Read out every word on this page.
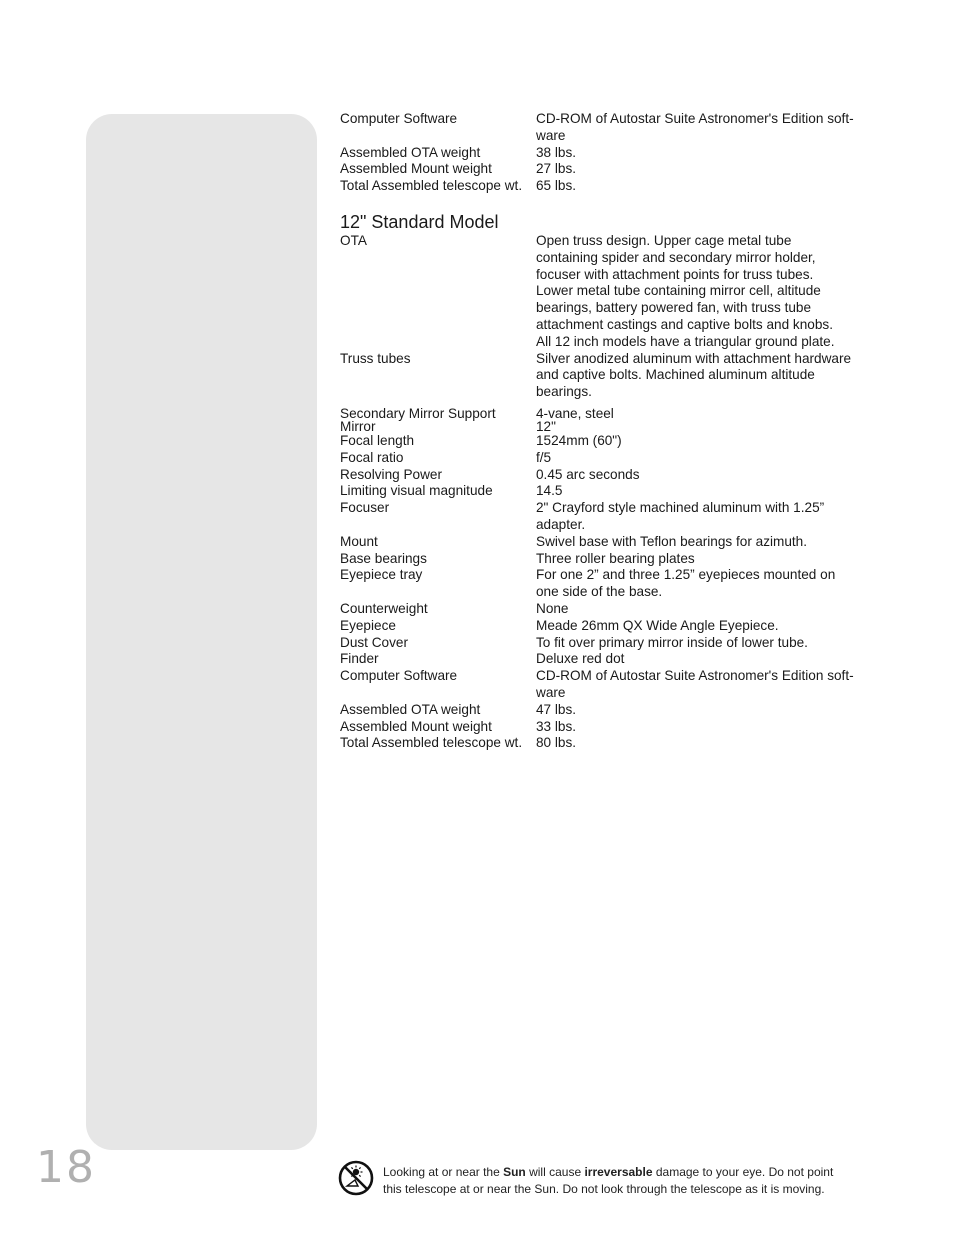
18
Computer Software	CD-ROM of Autostar Suite Astronomer's Edition soft-
ware
Assembled OTA weight	38 lbs.
Assembled Mount weight	27 lbs.
Total Assembled telescope wt.	65 lbs.
12" Standard Model
OTA	Open truss design. Upper cage metal tube
containing spider and secondary mirror holder,
focuser with attachment points for truss tubes.
Lower metal tube containing mirror cell, altitude
bearings, battery powered fan, with truss tube
attachment castings and captive bolts and knobs.
All 12 inch models have a triangular ground plate.
Truss tubes	Silver anodized aluminum with attachment hardware
and captive bolts. Machined aluminum altitude
bearings.
Secondary Mirror Support	4-vane, steel
Mirror	12"
Focal length	1524mm (60")
Focal ratio	f/5
Resolving Power	0.45 arc seconds
Limiting visual magnitude	14.5
Focuser	2" Crayford style machined aluminum with 1.25”
adapter.
Mount	Swivel base with Teflon bearings for azimuth.
Base bearings	Three roller bearing plates
Eyepiece tray	For one 2” and three 1.25” eyepieces mounted on
one side of the base.
Counterweight	None
Eyepiece	Meade 26mm QX Wide Angle Eyepiece.
Dust Cover	To fit over primary mirror inside of lower tube.
Finder	Deluxe red dot
Computer Software	CD-ROM of Autostar Suite Astronomer's Edition soft-
ware
Assembled OTA weight	47 lbs.
Assembled Mount weight	33 lbs.
Total Assembled telescope wt.	80 lbs.
Looking at or near the Sun will cause irreversable damage to your eye. Do not point
this telescope at or near the Sun. Do not look through the telescope as it is moving.
